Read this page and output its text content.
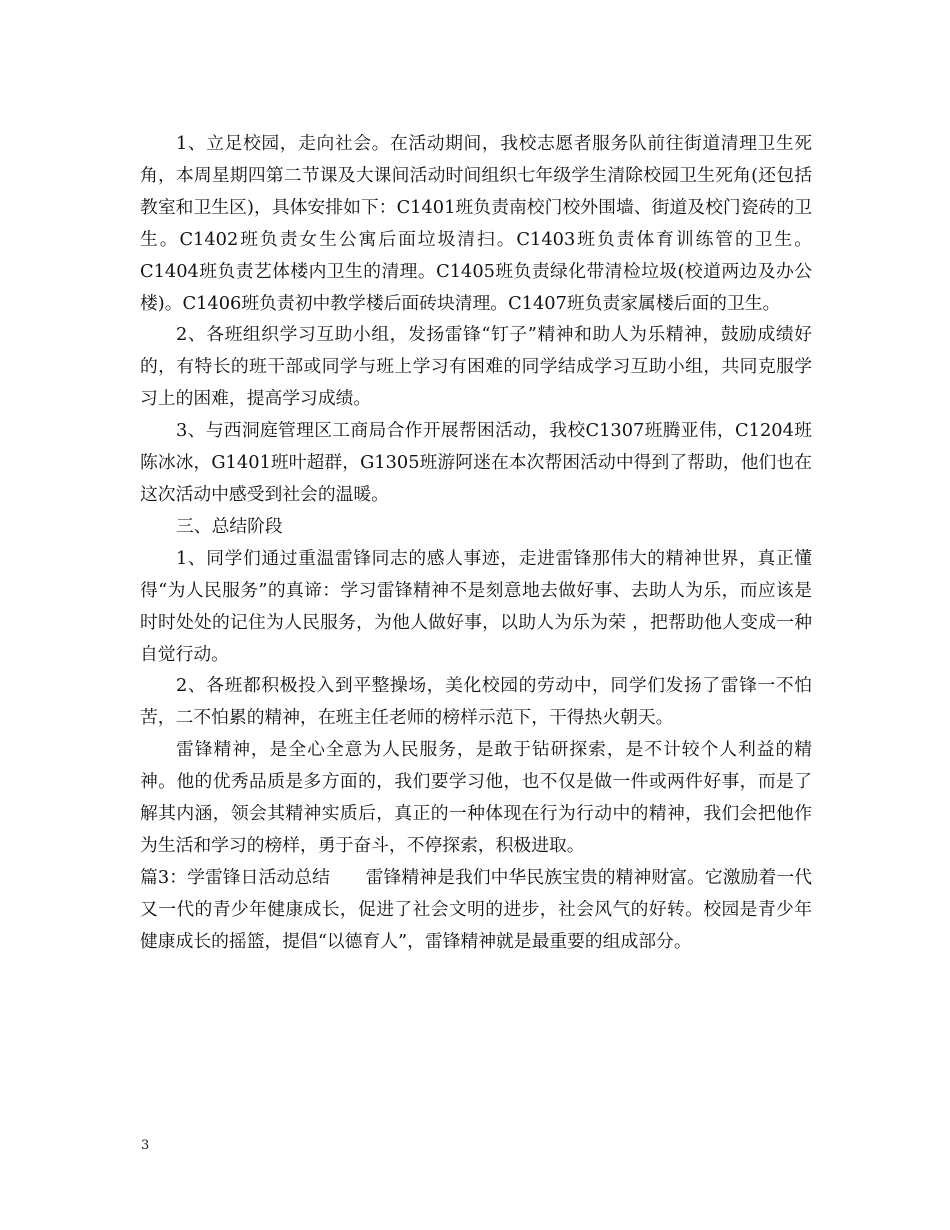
1、立足校园，走向社会。在活动期间，我校志愿者服务队前往街道清理卫生死角，本周星期四第二节课及大课间活动时间组织七年级学生清除校园卫生死角(还包括教室和卫生区)，具体安排如下：C1401班负责南校门校外围墙、街道及校门瓷砖的卫生。C1402班负责女生公寓后面垃圾清扫。C1403班负责体育训练管的卫生。C1404班负责艺体楼内卫生的清理。C1405班负责绿化带清检垃圾(校道两边及办公楼)。C1406班负责初中教学楼后面砖块清理。C1407班负责家属楼后面的卫生。

2、各班组织学习互助小组，发扬雷锋“钉子”精神和助人为乐精神，鼓励成绩好的，有特长的班干部或同学与班上学习有困难的同学结成学习互助小组，共同克服学习上的困难，提高学习成绩。

3、与西洞庭管理区工商局合作开展帮困活动，我校C1307班腾亚伟，C1204班陈冰冰，G1401班叶超群，G1305班游阿迷在本次帮困活动中得到了帮助，他们也在这次活动中感受到社会的温暖。

三、总结阶段

1、同学们通过重温雷锋同志的感人事迹，走进雷锋那伟大的精神世界，真正懂得“为人民服务”的真谛：学习雷锋精神不是刻意地去做好事、去助人为乐，而应该是时时处处的记住为人民服务，为他人做好事，以助人为乐为荣 ，把帮助他人变成一种自觉行动。

2、各班都积极投入到平整操场，美化校园的劳动中，同学们发扬了雷锋一不怕苦，二不怕累的精神，在班主任老师的榜样示范下，干得热火朝天。

雷锋精神，是全心全意为人民服务，是敢于钻研探索，是不计较个人利益的精神。他的优秀品质是多方面的，我们要学习他，也不仅是做一件或两件好事，而是了解其内涵，领会其精神实质后，真正的一种体现在行为行动中的精神，我们会把他作为生活和学习的榜样，勇于奋斗，不停探索，积极进取。

篇3：学雷锋日活动总结　　雷锋精神是我们中华民族宝贵的精神财富。它激励着一代又一代的青少年健康成长，促进了社会文明的进步，社会风气的好转。校园是青少年健康成长的摇篮，提倡“以德育人”，雷锋精神就是最重要的组成部分。

3
